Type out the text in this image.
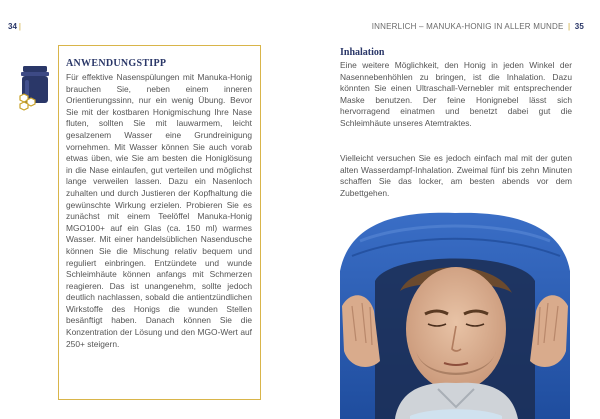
34 |	INNERLICH – MANUKA-HONIG IN ALLER MUNDE | 35
ANWENDUNGSTIPP
Für effektive Nasenspülungen mit Manuka-Honig brauchen Sie, neben einem inneren Orientierungssinn, nur ein wenig Übung. Bevor Sie mit der kostbaren Honigmischung Ihre Nase fluten, sollten Sie mit lauwarmem, leicht gesalzenem Wasser eine Grundreinigung vornehmen. Mit Wasser können Sie auch vorab etwas üben, wie Sie am besten die Honiglösung in die Nase einlaufen, gut verteilen und möglichst lange verweilen lassen. Dazu ein Nasenloch zuhalten und durch Justieren der Kopfhaltung die gewünschte Wirkung erzielen. Probieren Sie es zunächst mit einem Teelöffel Manuka-Honig MGO100+ auf ein Glas (ca. 150 ml) warmes Wasser. Mit einer handelsüblichen Nasendusche können Sie die Mischung relativ bequem und reguliert einbringen. Entzündete und wunde Schleimhäute können anfangs mit Schmerzen reagieren. Das ist unangenehm, sollte jedoch deutlich nachlassen, sobald die antientzündlichen Wirkstoffe des Honigs die wunden Stellen besänftigt haben. Danach können Sie die Konzentration der Lösung und den MGO-Wert auf 250+ steigern.
Inhalation
Eine weitere Möglichkeit, den Honig in jeden Winkel der Nasennebenhöhlen zu bringen, ist die Inhalation. Dazu könnten Sie einen Ultraschall-Vernebler mit entsprechender Maske benutzen. Der feine Honignebel lässt sich hervorragend einatmen und benetzt dabei gut die Schleimhäute unseres Atemtraktes.
Vielleicht versuchen Sie es jedoch einfach mal mit der guten alten Wasserdampf-Inhalation. Zweimal fünf bis zehn Minuten schaffen Sie das locker, am besten abends vor dem Zubettgehen.
